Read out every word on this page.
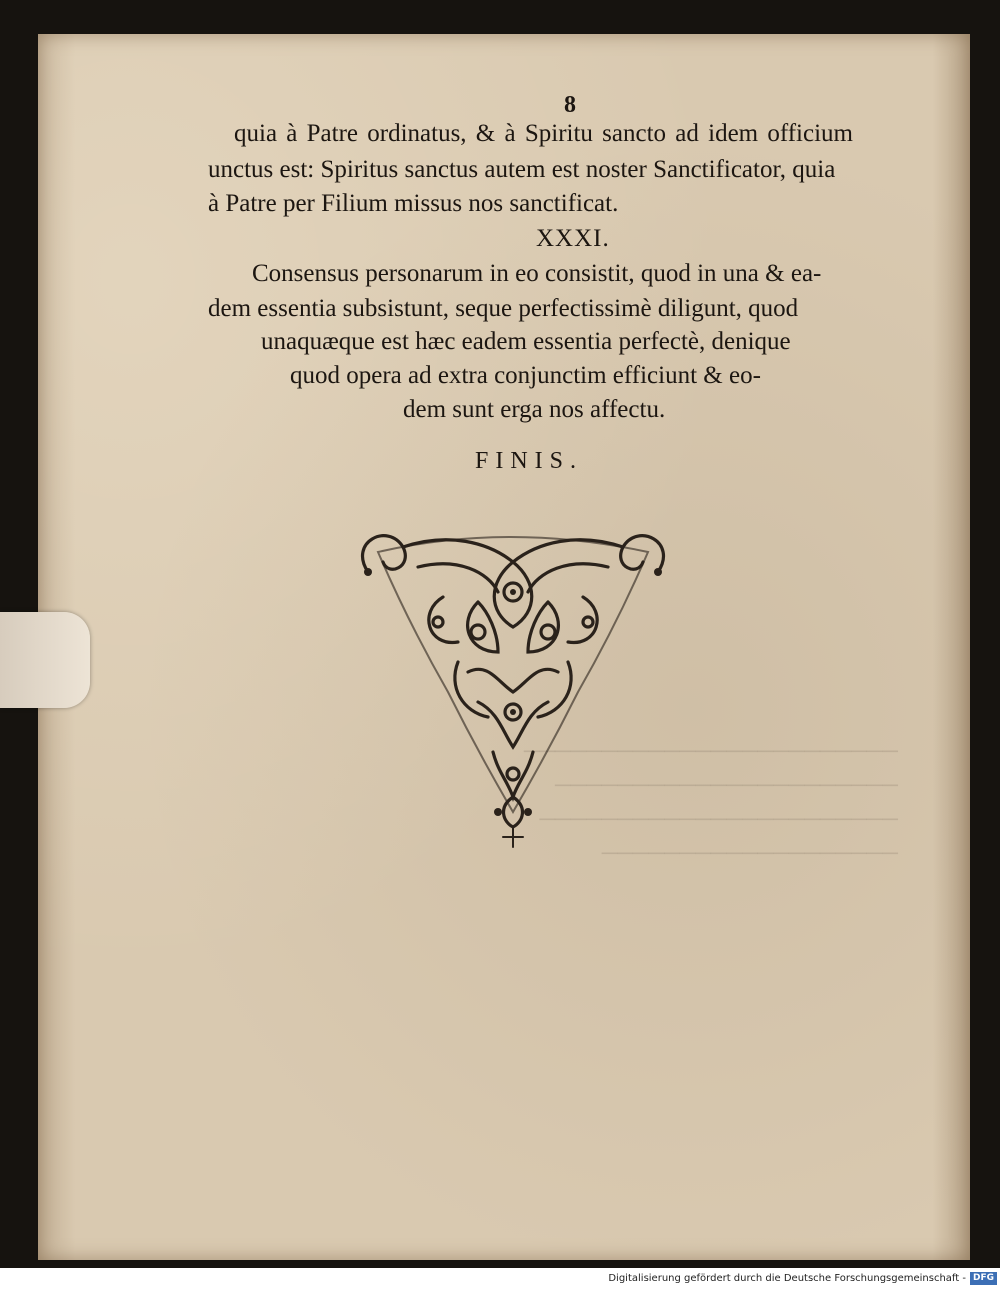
────────────────────────
──────────────────────
───────────────────────
───────────────────
8
quia à Patre ordinatus, & à Spiritu sancto ad idem officium
unctus est: Spiritus sanctus autem est noster Sanctificator, quia
à Patre per Filium missus nos sanctificat.
XXXI.
Consensus personarum in eo consistit, quod in una & ea-
dem essentia subsistunt, seque perfectissimè diligunt, quod
unaquæque est hæc eadem essentia perfectè, denique
quod opera ad extra conjunctim efficiunt & eo-
dem sunt erga nos affectu.
FINIS.
Digitalisierung gefördert durch die Deutsche Forschungsgemeinschaft - DFG
